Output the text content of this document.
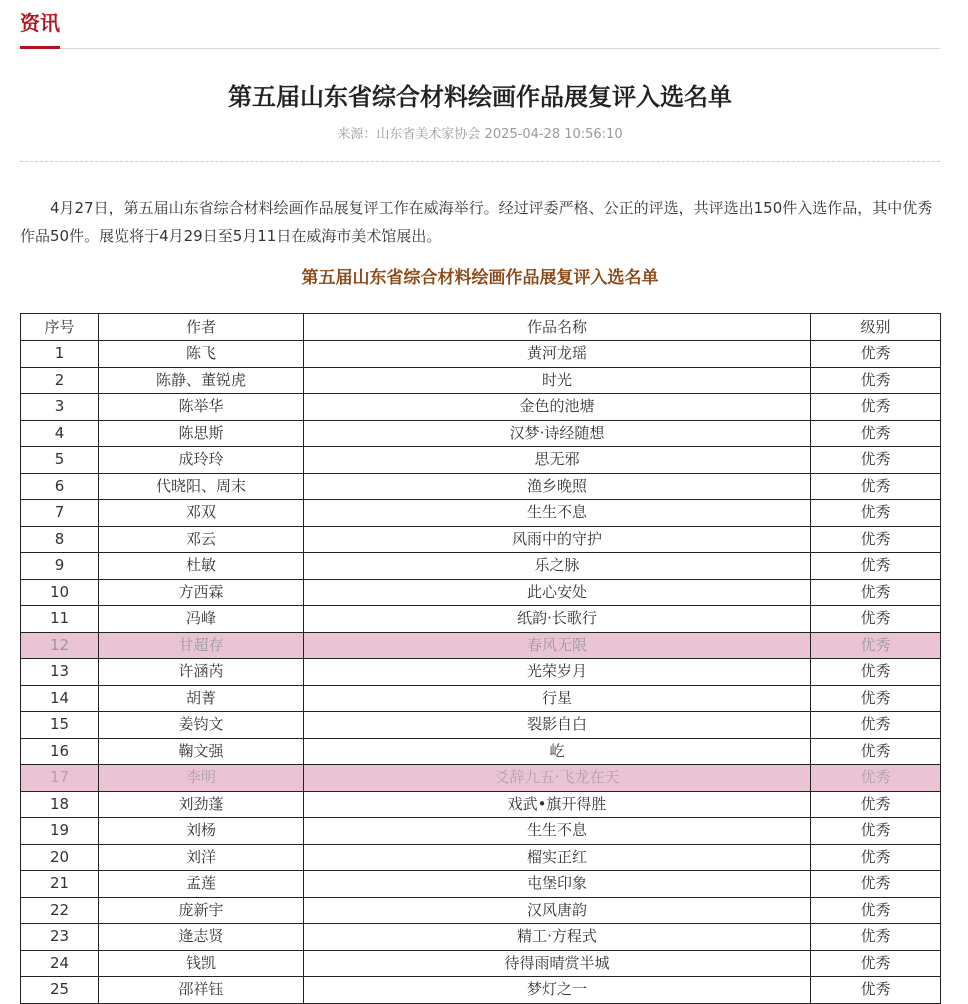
资讯
第五届山东省综合材料绘画作品展复评入选名单
来源：山东省美术家协会 2025-04-28 10:56:10

4月27日，第五届山东省综合材料绘画作品展复评工作在威海举行。经过评委严格、公正的评选，共评选出150件入选作品，其中优秀作品50件。展览将于4月29日至5月11日在威海市美术馆展出。

第五届山东省综合材料绘画作品展复评入选名单
序号	作者	作品名称	级别
1	陈飞	黄河龙瑶	优秀
2	陈静、董锐虎	时光	优秀
3	陈举华	金色的池塘	优秀
4	陈思斯	汉梦·诗经随想	优秀
5	成玲玲	思无邪	优秀
6	代晓阳、周末	渔乡晚照	优秀
7	邓双	生生不息	优秀
8	邓云	风雨中的守护	优秀
9	杜敏	乐之脉	优秀
10	方西霖	此心安处	优秀
11	冯峰	纸韵·长歌行	优秀
12	甘超存	春风无限	优秀
13	许涵芮	光荣岁月	优秀
14	胡菁	行星	优秀
15	姜钧文	裂影自白	优秀
16	鞠文强	屹	优秀
17	李明	爻辞九五·飞龙在天	优秀
18	刘劲蓬	戏武•旗开得胜	优秀
19	刘杨	生生不息	优秀
20	刘洋	榴实正红	优秀
21	孟莲	屯堡印象	优秀
22	庞新宇	汉风唐韵	优秀
23	逄志贤	精工·方程式	优秀
24	钱凯	待得雨晴赏半城	优秀
25	邵祥钰	梦灯之一	优秀
